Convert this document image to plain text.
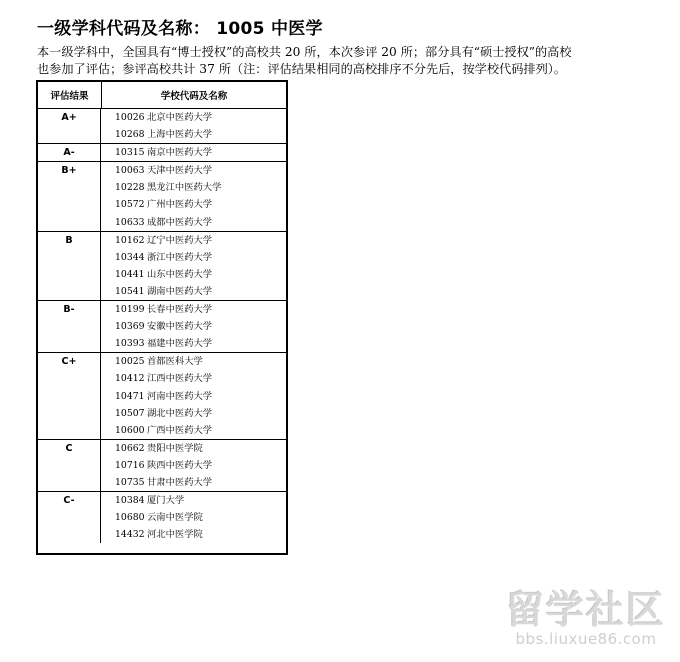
一级学科代码及名称： 1005 中医学

本一级学科中，全国具有“博士授权”的高校共 20 所，本次参评 20 所；部分具有“硕士授权”的高校

也参加了评估；参评高校共计 37 所（注：评估结果相同的高校排序不分先后，按学校代码排列）。

评估结果	学校代码及名称
A+	10026 北京中医药大学
10268 上海中医药大学
A-	10315 南京中医药大学
B+	10063 天津中医药大学
10228 黑龙江中医药大学
10572 广州中医药大学
10633 成都中医药大学
B	10162 辽宁中医药大学
10344 浙江中医药大学
10441 山东中医药大学
10541 湖南中医药大学
B-	10199 长春中医药大学
10369 安徽中医药大学
10393 福建中医药大学
C+	10025 首都医科大学
10412 江西中医药大学
10471 河南中医药大学
10507 湖北中医药大学
10600 广西中医药大学
C	10662 贵阳中医学院
10716 陕西中医药大学
10735 甘肃中医药大学
C-	10384 厦门大学
10680 云南中医学院
14432 河北中医学院
留学社区
bbs.liuxue86.com
